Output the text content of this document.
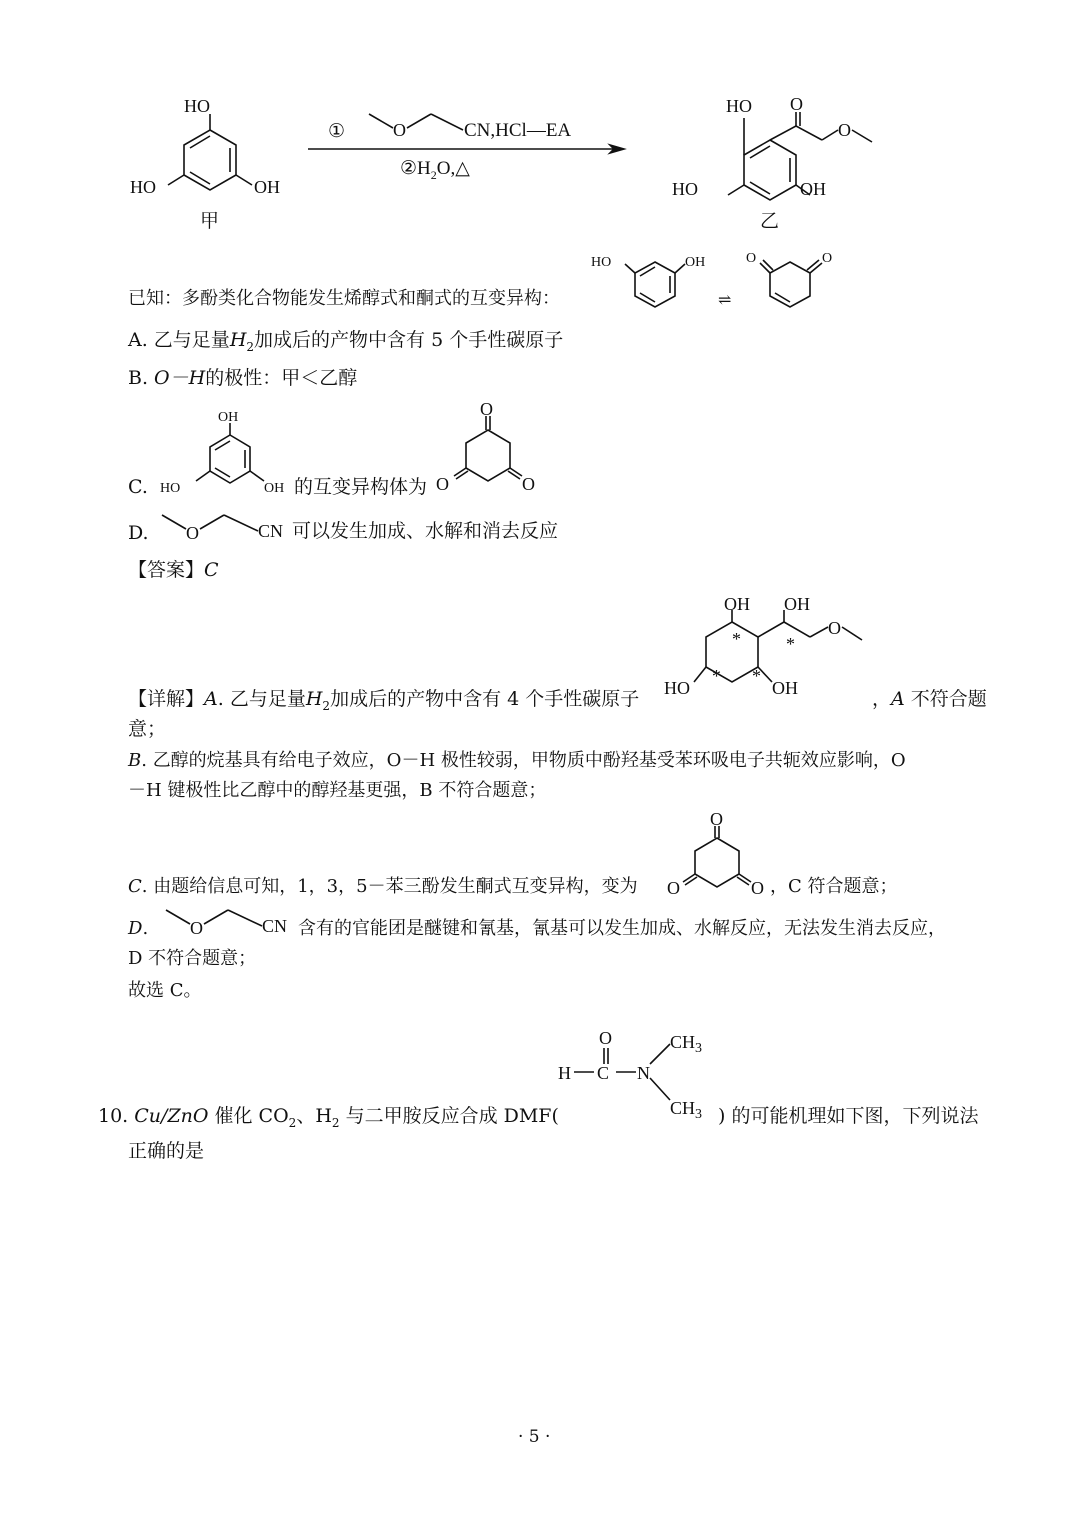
HO
HO	OH
甲
①	O	CN,HCl—EA
$②H_2O,\triangle$
HO O
O
HO	OH
乙
已知：多酚类化合物能发生烯醇式和酮式的互变异构：
HO	OH
⇌
O	O
A. 乙与足量$H_2$加成后的产物中含有 5 个手性碳原子
B. O－H的极性：甲＜乙醇
C.
OH
HO	OH 的互变异构体为
O
O	O
D. O	CN 可以发生加成、水解和消去反应
【答案】C
OH OH
O
HO	OH
*	*
* *
【详解】A. 乙与足量$H_2$加成后的产物中含有 4 个手性碳原子	，A 不符合题
意；
B. 乙醇的烷基具有给电子效应，O－H 极性较弱，甲物质中酚羟基受苯环吸电子共轭效应影响，O
－H 键极性比乙醇中的醇羟基更强，B 不符合题意；
C. 由题给信息可知，1，3，5－苯三酚发生酮式互变异构，变为
O
O	O ，C 符合题意；
D. O	CN 含有的官能团是醚键和氰基，氰基可以发生加成、水解反应，无法发生消去反应，
D 不符合题意；
故选 C。
O
H C N
$CH_3$
$CH_3$
10. Cu/ZnO 催化 $CO_2$、$H_2$ 与二甲胺反应合成 DMF(	) 的可能机理如下图，下列说法
正确的是
· 5 ·
